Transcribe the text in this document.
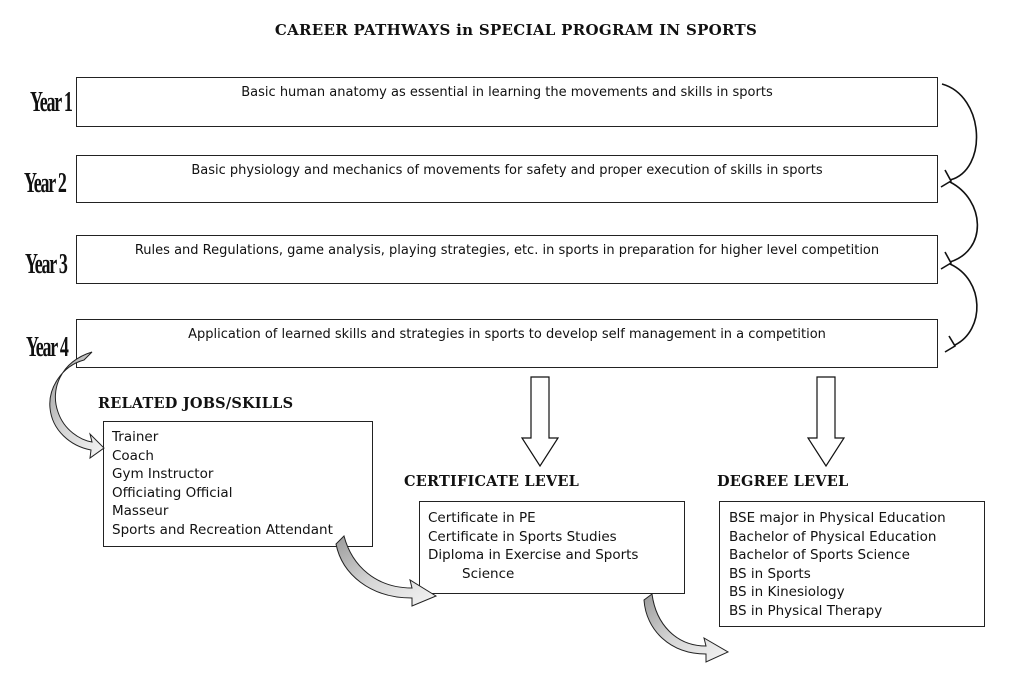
CAREER PATHWAYS in SPECIAL PROGRAM IN SPORTS
Year 1
Year 2
Year 3
Year 4
Basic human anatomy as essential in learning the movements and skills in sports
Basic physiology and mechanics of movements for safety and proper execution of skills in sports
Rules and Regulations, game analysis, playing strategies, etc. in sports in preparation for higher level competition
Application of learned skills and strategies in sports to develop self management in a competition
RELATED JOBS/SKILLS
Trainer
Coach
Gym Instructor
Officiating Official
Masseur
Sports and Recreation Attendant
CERTIFICATE LEVEL
Certificate in PE
Certificate in Sports Studies
Diploma in Exercise and Sports
Science
DEGREE LEVEL
BSE major in Physical Education
Bachelor of Physical Education
Bachelor of Sports Science
BS in Sports
BS in Kinesiology
BS in Physical Therapy
